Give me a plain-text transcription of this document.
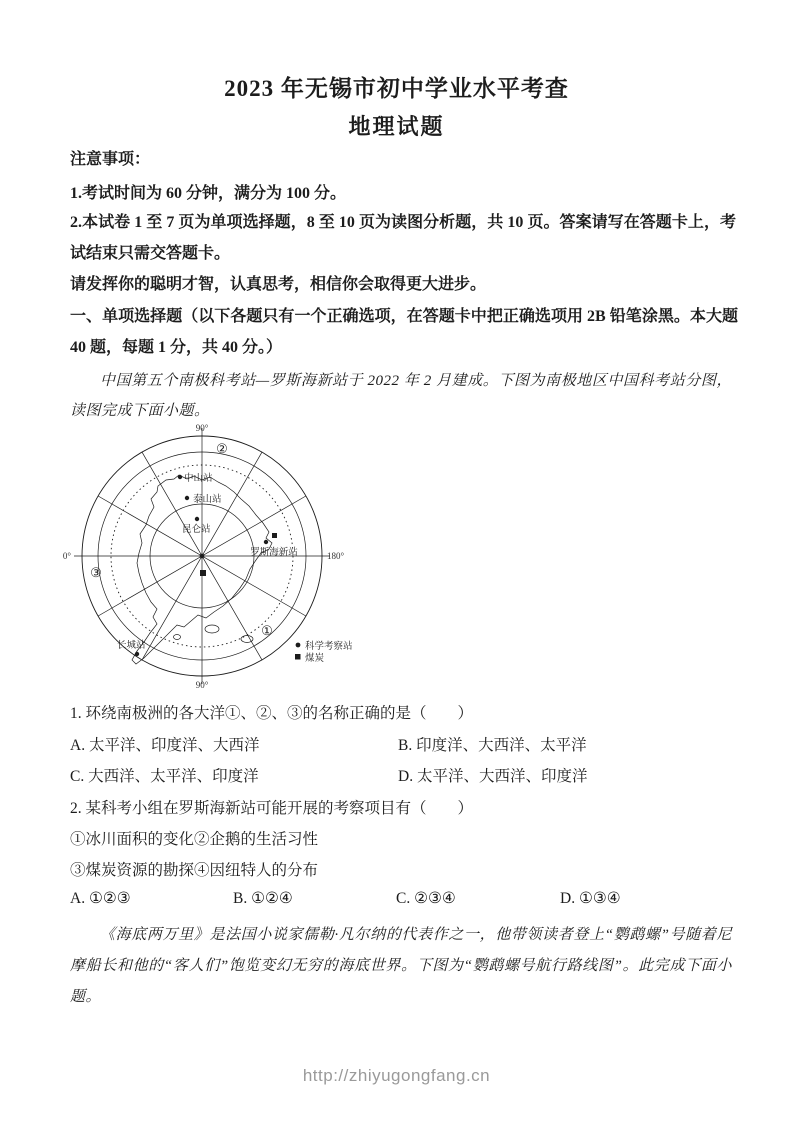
2023 年无锡市初中学业水平考查
地理试题
注意事项：
1.考试时间为 60 分钟，满分为 100 分。
2.本试卷 1 至 7 页为单项选择题，8 至 10 页为读图分析题，共 10 页。答案请写在答题卡上，考试结束只需交答题卡。
请发挥你的聪明才智，认真思考，相信你会取得更大进步。
一、单项选择题（以下各题只有一个正确选项，在答题卡中把正确选项用 2B 铅笔涂黑。本大题 40 题，每题 1 分，共 40 分。）
中国第五个南极科考站—罗斯海新站于 2022 年 2 月建成。下图为南极地区中国科考站分图，读图完成下面小题。
90°
0°	180°
90°
②
③
①
中山站
泰山站
昆仑站
罗斯海新站
长城站	科学考察站
煤炭
1. 环绕南极洲的各大洋①、②、③的名称正确的是（　　）
A. 太平洋、印度洋、大西洋	B. 印度洋、大西洋、太平洋
C. 大西洋、太平洋、印度洋	D. 太平洋、大西洋、印度洋
2. 某科考小组在罗斯海新站可能开展的考察项目有（　　）
①冰川面积的变化②企鹅的生活习性
③煤炭资源的勘探④因纽特人的分布
A. ①②③	B. ①②④	C. ②③④	D. ①③④
《海底两万里》是法国小说家儒勒·凡尔纳的代表作之一，他带领读者登上“鹦鹉螺”号随着尼摩船长和他的“客人们”饱览变幻无穷的海底世界。下图为“鹦鹉螺号航行路线图”。此完成下面小题。
http://zhiyugongfang.cn
